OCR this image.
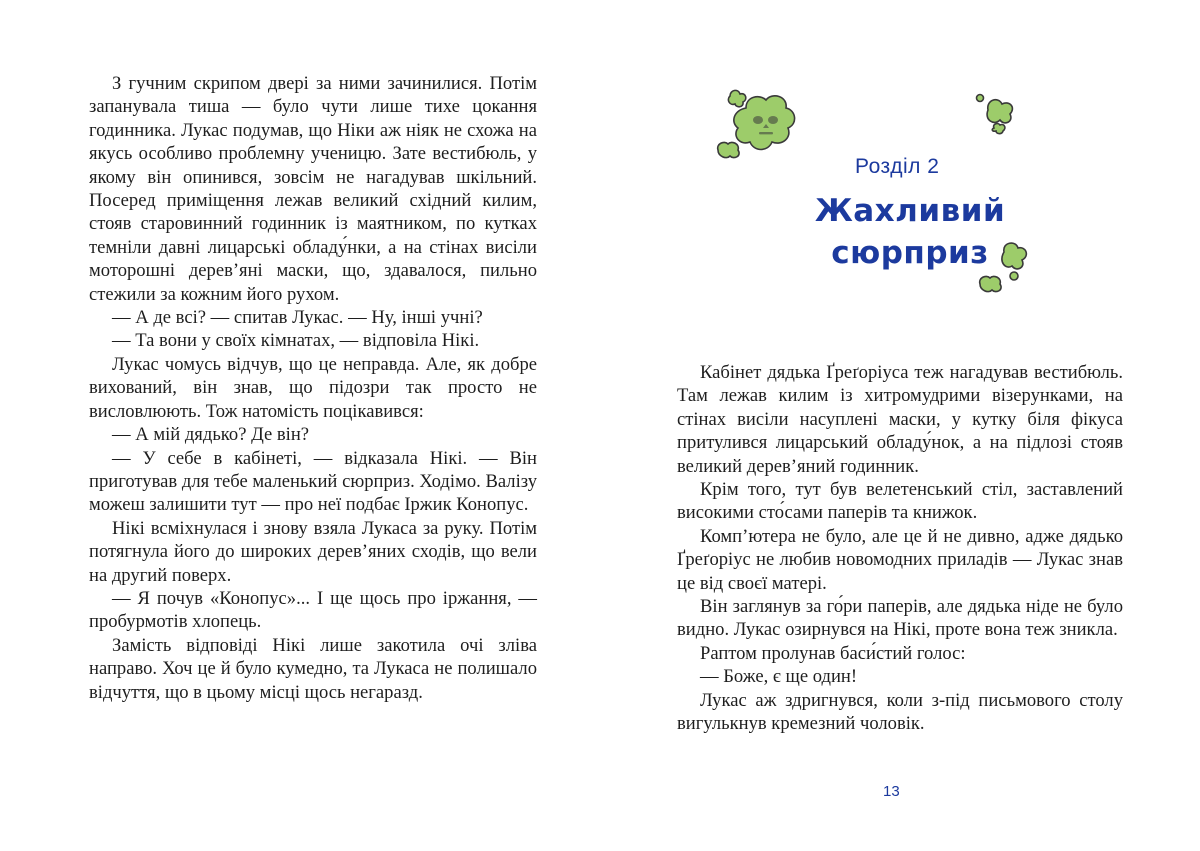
З гучним скрипом двері за ними зачинилися. Потім запанувала тиша — було чути лише тихе цокання годинника. Лукас подумав, що Ніки аж ніяк не схожа на якусь особливо проблемну ученицю. Зате вестибюль, у якому він опинився, зовсім не нагадував шкільний. Посеред приміщення лежав великий східний килим, стояв старовинний годинник із маятником, по кутках темніли давні лицарські обладу́нки, а на стінах висіли моторошні дерев’яні маски, що, здавалося, пильно стежили за кожним його рухом.

— А де всі? — спитав Лукас. — Ну, інші учні?

— Та вони у своїх кімнатах, — відповіла Нікі.

Лукас чомусь відчув, що це неправда. Але, як добре вихований, він знав, що підозри так просто не висловлюють. Тож натомість поцікавився:

— А мій дядько? Де він?

— У себе в кабінеті, — відказала Нікі. — Він приготував для тебе маленький сюрприз. Ходімо. Валізу можеш залишити тут — про неї подбає Іржик Конопус.

Нікі всміхнулася і знову взяла Лукаса за руку. Потім потягнула його до широких дерев’яних сходів, що вели на другий поверх.

— Я почув «Конопус»... І ще щось про іржання, — пробурмотів хлопець.

Замість відповіді Нікі лише закотила очі зліва направо. Хоч це й було кумедно, та Лукаса не полишало відчуття, що в цьому місці щось негаразд.

Розділ 2
Жахливий
сюрприз

Кабінет дядька Ґреґоріуса теж нагадував вестибюль. Там лежав килим із хитромудрими візерунками, на стінах висіли насуплені маски, у кутку біля фікуса притулився лицарський обладу́нок, а на підлозі стояв великий дерев’яний годинник.

Крім того, тут був велетенський стіл, заставлений високими сто́сами паперів та книжок.

Комп’ютера не було, але це й не дивно, адже дядько Ґреґоріус не любив новомодних приладів — Лукас знав це від своєї матері.

Він заглянув за го́ри паперів, але дядька ніде не було видно. Лукас озирнувся на Нікі, проте вона теж зникла.

Раптом пролунав баси́стий голос:

— Боже, є ще один!

Лукас аж здригнувся, коли з-під письмового столу вигулькнув кремезний чоловік.

13
